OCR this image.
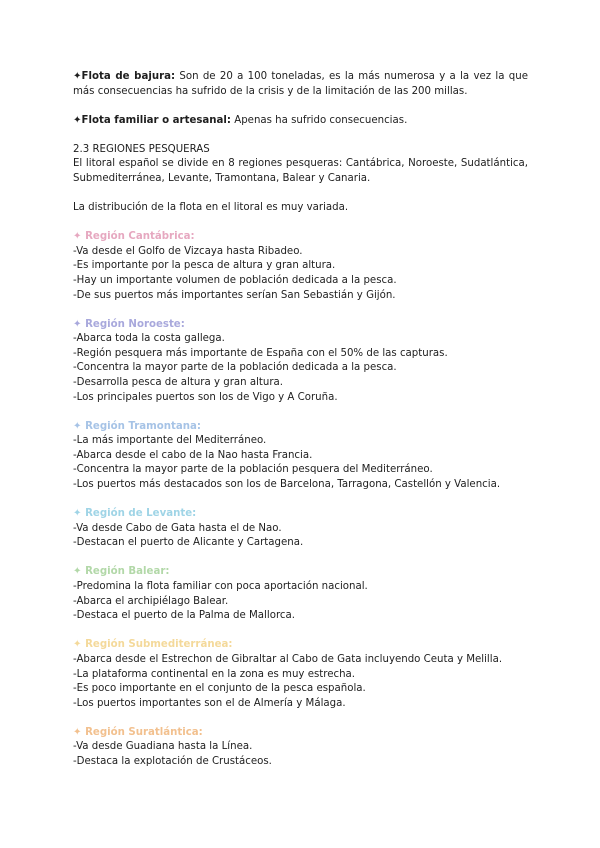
✦Flota de bajura: Son de 20 a 100 toneladas, es la más numerosa y a la vez la que más consecuencias ha sufrido de la crisis y de la limitación de las 200 millas.

✦Flota familiar o artesanal: Apenas ha sufrido consecuencias.

2.3 REGIONES PESQUERAS

El litoral español se divide en 8 regiones pesqueras: Cantábrica, Noroeste, Sudatlántica, Submediterránea, Levante, Tramontana, Balear y Canaria.

La distribución de la flota en el litoral es muy variada.

✦ Región Cantábrica:
-Va desde el Golfo de Vizcaya hasta Ribadeo.
-Es importante por la pesca de altura y gran altura.
-Hay un importante volumen de población dedicada a la pesca.
-De sus puertos más importantes serían San Sebastián y Gijón.
✦ Región Noroeste:
-Abarca toda la costa gallega.
-Región pesquera más importante de España con el 50% de las capturas.
-Concentra la mayor parte de la población dedicada a la pesca.
-Desarrolla pesca de altura y gran altura.
-Los principales puertos son los de Vigo y A Coruña.
✦ Región Tramontana:
-La más importante del Mediterráneo.
-Abarca desde el cabo de la Nao hasta Francia.
-Concentra la mayor parte de la población pesquera del Mediterráneo.
-Los puertos más destacados son los de Barcelona, Tarragona, Castellón y Valencia.
✦ Región de Levante:
-Va desde Cabo de Gata hasta el de Nao.
-Destacan el puerto de Alicante y Cartagena.
✦ Región Balear:
-Predomina la flota familiar con poca aportación nacional.
-Abarca el archipiélago Balear.
-Destaca el puerto de la Palma de Mallorca.
✦ Región Submediterránea:
-Abarca desde el Estrechon de Gibraltar al Cabo de Gata incluyendo Ceuta y Melilla.
-La plataforma continental en la zona es muy estrecha.
-Es poco importante en el conjunto de la pesca española.
-Los puertos importantes son el de Almería y Málaga.
✦ Región Suratlántica:
-Va desde Guadiana hasta la Línea.
-Destaca la explotación de Crustáceos.
